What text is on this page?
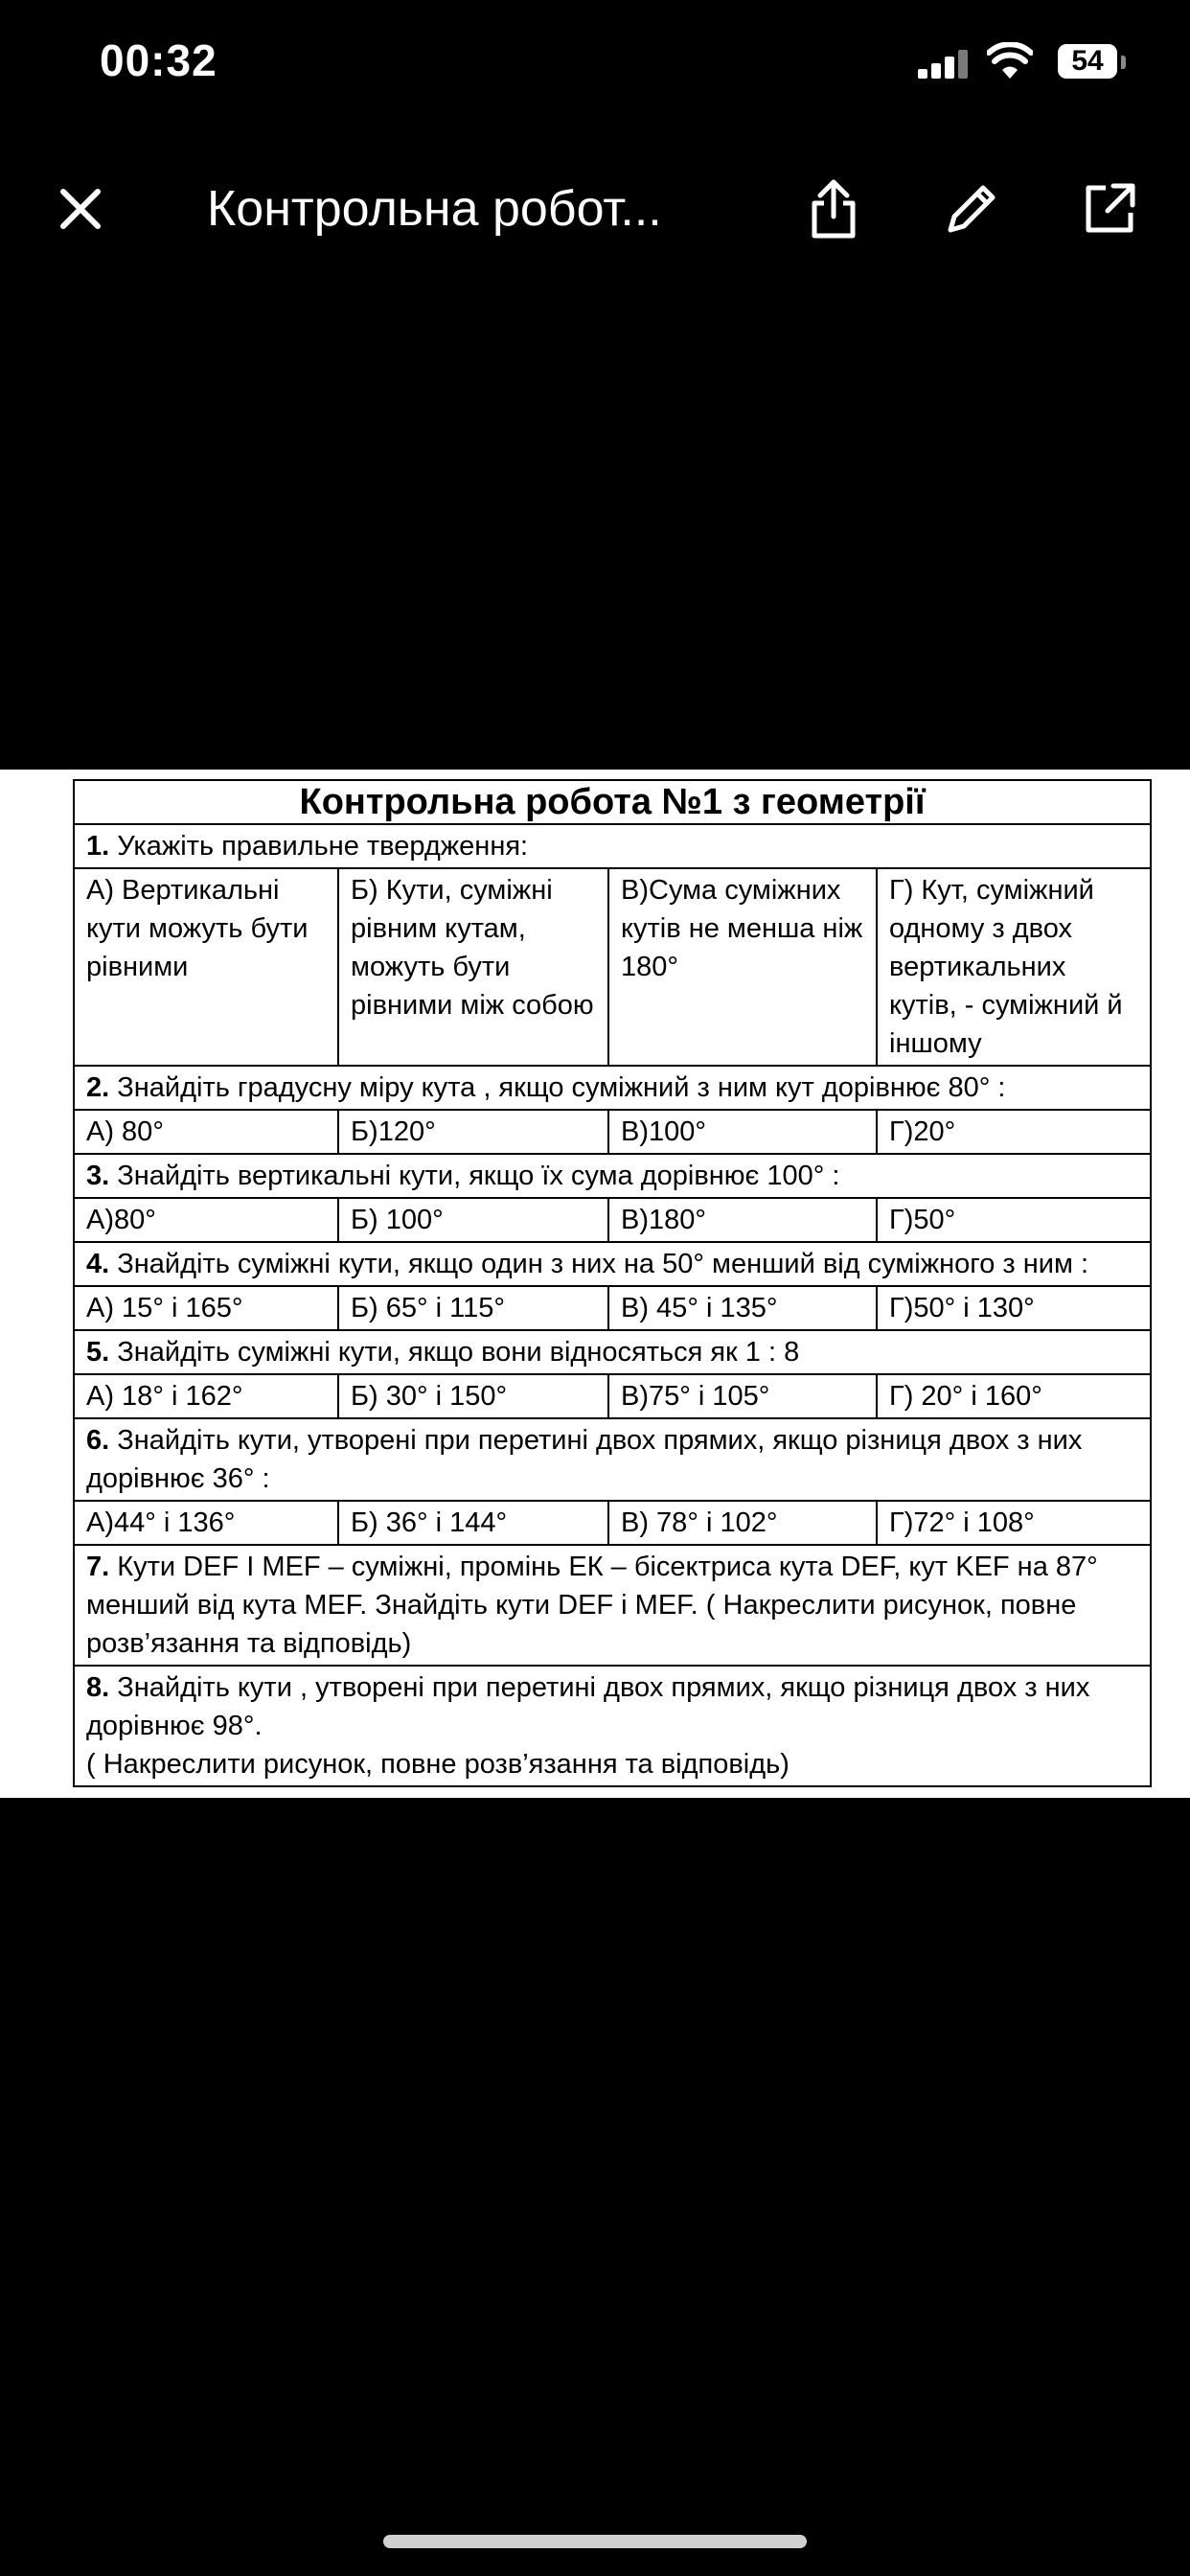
00:32	54
Контрольна робот...
Контрольна робота №1 з геометрії			
1. Укажіть правильне твердження:			
А) Вертикальні кути можуть бути рівними	Б) Кути, суміжні рівним кутам, можуть бути рівними між собою	В)Сума суміжних кутів не менша ніж 180°	Г) Кут, суміжний одному з двох вертикальних кутів, - суміжний й іншому
2. Знайдіть градусну міру кута , якщо суміжний з ним кут дорівнює 80° :			
А) 80°	Б)120°	В)100°	Г)20°
3. Знайдіть вертикальні кути, якщо їх сума дорівнює 100° :			
А)80°	Б) 100°	В)180°	Г)50°
4. Знайдіть суміжні кути, якщо один з них на 50° менший від суміжного з ним :			
А) 15° і 165°	Б) 65° і 115°	В) 45° і 135°	Г)50° і 130°
5. Знайдіть суміжні кути, якщо вони відносяться як 1 : 8			
А) 18° і 162°	Б) 30° і 150°	В)75° і 105°	Г) 20° і 160°
6. Знайдіть кути, утворені при перетині двох прямих, якщо різниця двох з них дорівнює 36° :			
А)44° і 136°	Б) 36° і 144°	В) 78° і 102°	Г)72° і 108°
7. Кути DEF I MEF – суміжні, промінь ЕК – бісектриса кута DEF, кут KEF на 87° менший від кута MEF. Знайдіть кути DEF і MEF. ( Накреслити рисунок, повне розв’язання та відповідь)			
8. Знайдіть кути , утворені при перетині двох прямих, якщо різниця двох з них дорівнює 98°.
( Накреслити рисунок, повне розв’язання та відповідь)			
